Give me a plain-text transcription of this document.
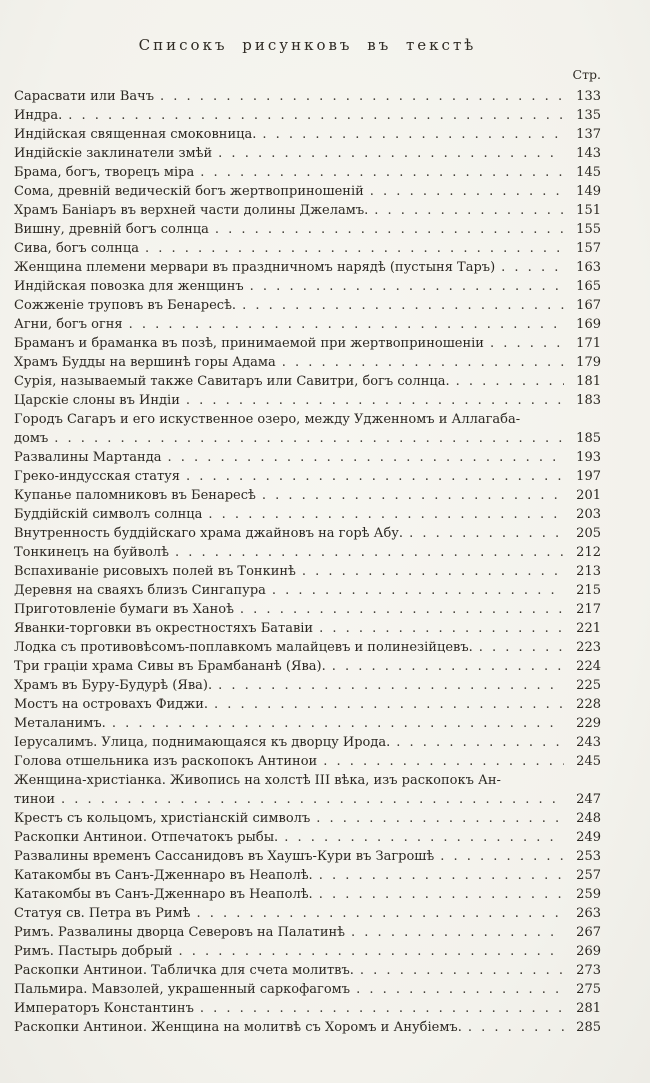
Списокъ рисунковъ въ текстѣ
Стр.
Сарасвати или Вачъ . . .	133
Индра. . . .	135
Индійская священная смоковница. . . .	137
Индійскіе заклинатели змѣй . . .	143
Брама, богъ, творецъ міра . . .	145
Сома, древній ведическій богъ жертвоприношеній . . .	149
Храмъ Баніаръ въ верхней части долины Джеламъ. . . .	151
Вишну, древній богъ солнца . . .	155
Сива, богъ солнца . . .	157
Женщина племени мервари въ праздничномъ нарядѣ (пустыня Таръ) . . .	163
Индійская повозка для женщинъ . . .	165
Сожженіе труповъ въ Бенаресѣ. . . .	167
Агни, богъ огня . . .	169
Браманъ и браманка въ позѣ, принимаемой при жертвоприношеніи . . .	171
Храмъ Будды на вершинѣ горы Адама . . .	179
Сурія, называемый также Савитаръ или Савитри, богъ солнца. . . .	181
Царскіе слоны въ Индіи . . .	183
Городъ Сагаръ и его искуственное озеро, между Удженномъ и Аллагаба-
домъ . . .	185
Развалины Мартанда . . .	193
Греко-индусская статуя . . .	197
Купанье паломниковъ въ Бенаресѣ . . .	201
Буддійскій символъ солнца . . .	203
Внутренность буддійскаго храма джайновъ на горѣ Абу. . . .	205
Тонкинецъ на буйволѣ . . .	212
Вспахиваніе рисовыхъ полей въ Тонкинѣ . . .	213
Деревня на сваяхъ близъ Сингапура . . .	215
Приготовленіе бумаги въ Ханоѣ . . .	217
Яванки-торговки въ окрестностяхъ Батавіи . . .	221
Лодка съ противовѣсомъ-поплавкомъ малайцевъ и полинезійцевъ. . . .	223
Три граціи храма Сивы въ Брамбананѣ (Ява). . . .	224
Храмъ въ Буру-Будурѣ (Ява). . . .	225
Мостъ на островахъ Фиджи. . . .	228
Металанимъ. . . .	229
Іерусалимъ. Улица, поднимающаяся къ дворцу Ирода. . . .	243
Голова отшельника изъ раскопокъ Антинои . . .	245
Женщина-христіанка. Живопись на холстѣ III вѣка, изъ раскопокъ Ан-
тинои . . .	247
Крестъ съ кольцомъ, христіанскій символъ . . .	248
Раскопки Антинои. Отпечатокъ рыбы. . . .	249
Развалины временъ Сассанидовъ въ Хаушъ-Кури въ Загрошѣ . . .	253
Катакомбы въ Санъ-Дженнаро въ Неаполѣ. . . .	257
Катакомбы въ Санъ-Дженнаро въ Неаполѣ. . . .	259
Статуя св. Петра въ Римѣ . . .	263
Римъ. Развалины дворца Северовъ на Палатинѣ . . .	267
Римъ. Пастырь добрый . . .	269
Раскопки Антинои. Табличка для счета молитвъ. . . .	273
Пальмира. Мавзолей, украшенный саркофагомъ . . .	275
Императоръ Константинъ . . .	281
Раскопки Антинои. Женщина на молитвѣ съ Хоромъ и Анубіемъ. . . .	285
